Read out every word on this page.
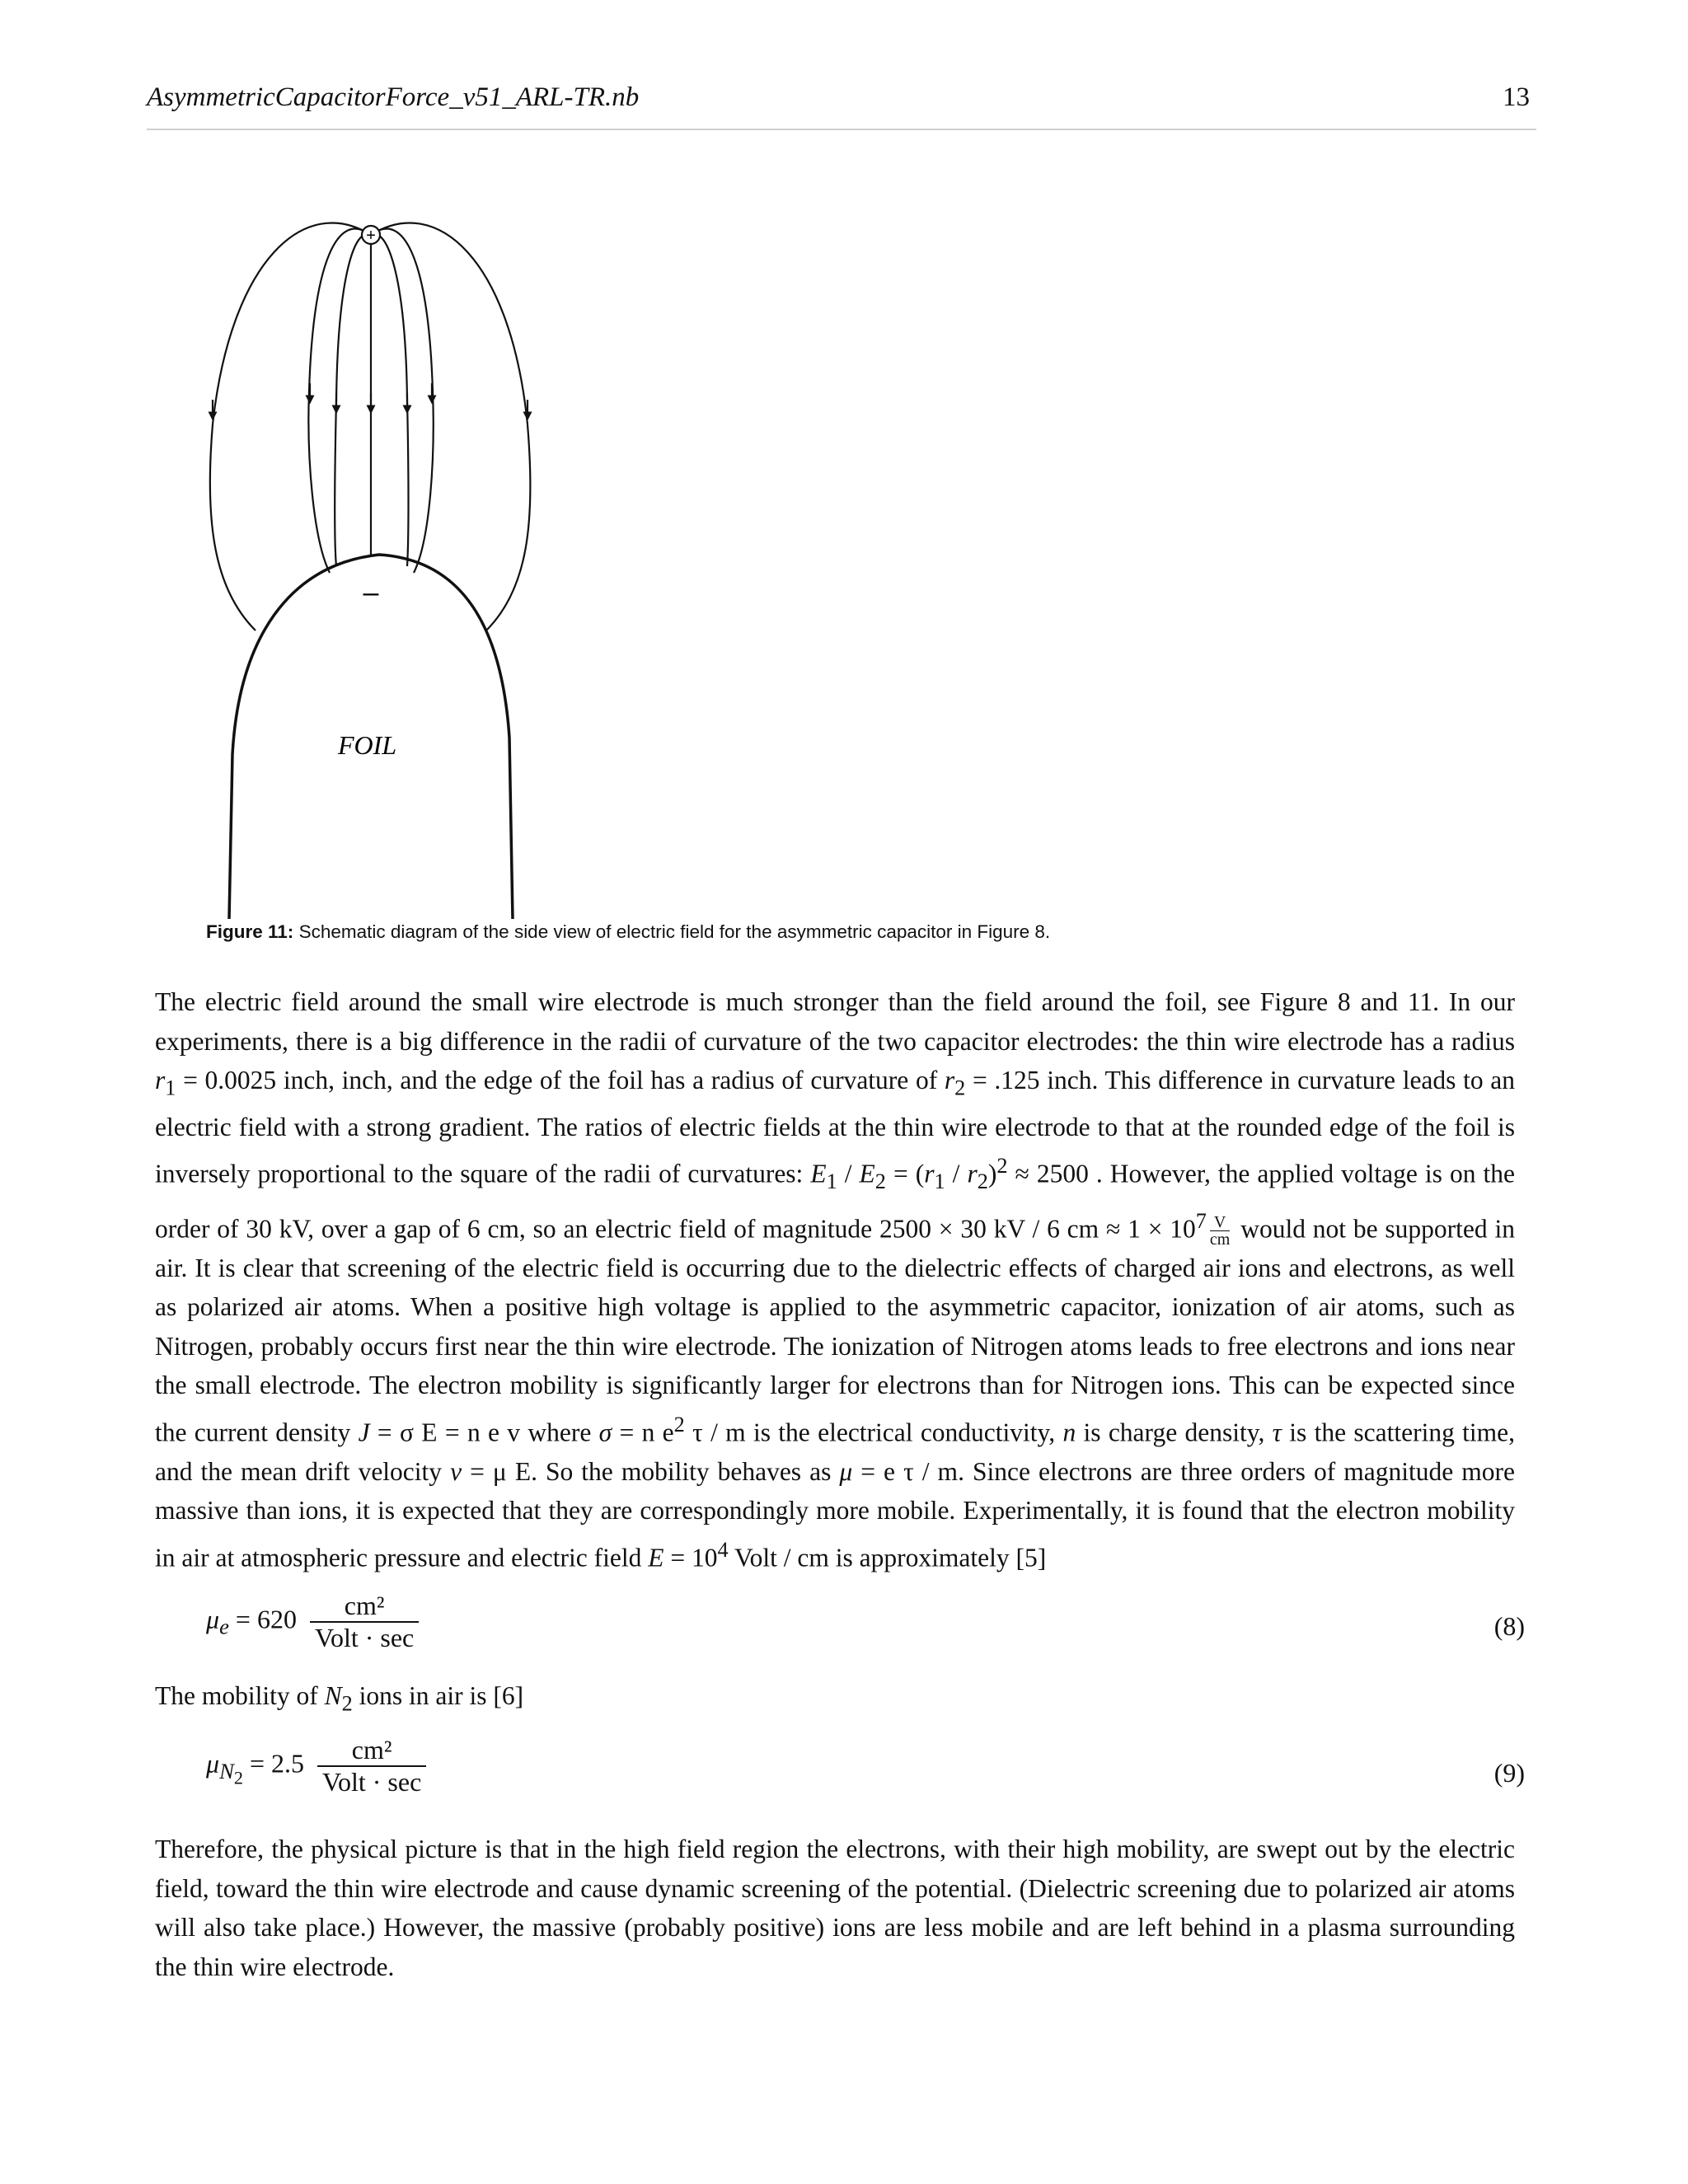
AsymmetricCapacitorForce_v51_ARL-TR.nb	13
+
–
FOIL
Figure 11: Schematic diagram of the side view of electric field for the asymmetric capacitor in Figure 8.
The electric field around the small wire electrode is much stronger than the field around the foil, see Figure 8 and 11. In our experiments, there is a big difference in the radii of curvature of the two capacitor electrodes: the thin wire electrode has a radius $r_1 = 0.0025$ inch, inch, and the edge of the foil has a radius of curvature of $r_2 = .125$ inch. This difference in curvature leads to an electric field with a strong gradient. The ratios of electric fields at the thin wire electrode to that at the rounded edge of the foil is inversely proportional to the square of the radii of curvatures: $E_1 / E_2 = (r_1 / r_2)^2 \approx 2500$ . However, the applied voltage is on the order of 30 kV, over a gap of 6 cm, so an electric field of magnitude 2500 × 30 kV / 6 cm ≈ $1 \times 10^7 \frac{V}{cm}$ would not be supported in air. It is clear that screening of the electric field is occurring due to the dielectric effects of charged air ions and electrons, as well as polarized air atoms. When a positive high voltage is applied to the asymmetric capacitor, ionization of air atoms, such as Nitrogen, probably occurs first near the thin wire electrode. The ionization of Nitrogen atoms leads to free electrons and ions near the small electrode. The electron mobility is significantly larger for electrons than for Nitrogen ions. This can be expected since the current density J = σ E = n e v where σ = n $e^2$ τ / m is the electrical conductivity, n is charge density, τ is the scattering time, and the mean drift velocity v = μ E. So the mobility behaves as μ = e τ / m. Since electrons are three orders of magnitude more massive than ions, it is expected that they are correspondingly more mobile. Experimentally, it is found that the electron mobility in air at atmospheric pressure and electric field $E = 10^4$ Volt / cm is approximately [5]
$\mu_e = 620 \frac{\text{cm²}}{\text{Volt · sec}}$	(8)
The mobility of $N_2$ ions in air is [6]
$\mu_{N_2} = 2.5 \frac{\text{cm²}}{\text{Volt · sec}}$	(9)
Therefore, the physical picture is that in the high field region the electrons, with their high mobility, are swept out by the electric field, toward the thin wire electrode and cause dynamic screening of the potential. (Dielectric screening due to polarized air atoms will also take place.) However, the massive (probably positive) ions are less mobile and are left behind in a plasma surrounding the thin wire electrode.
